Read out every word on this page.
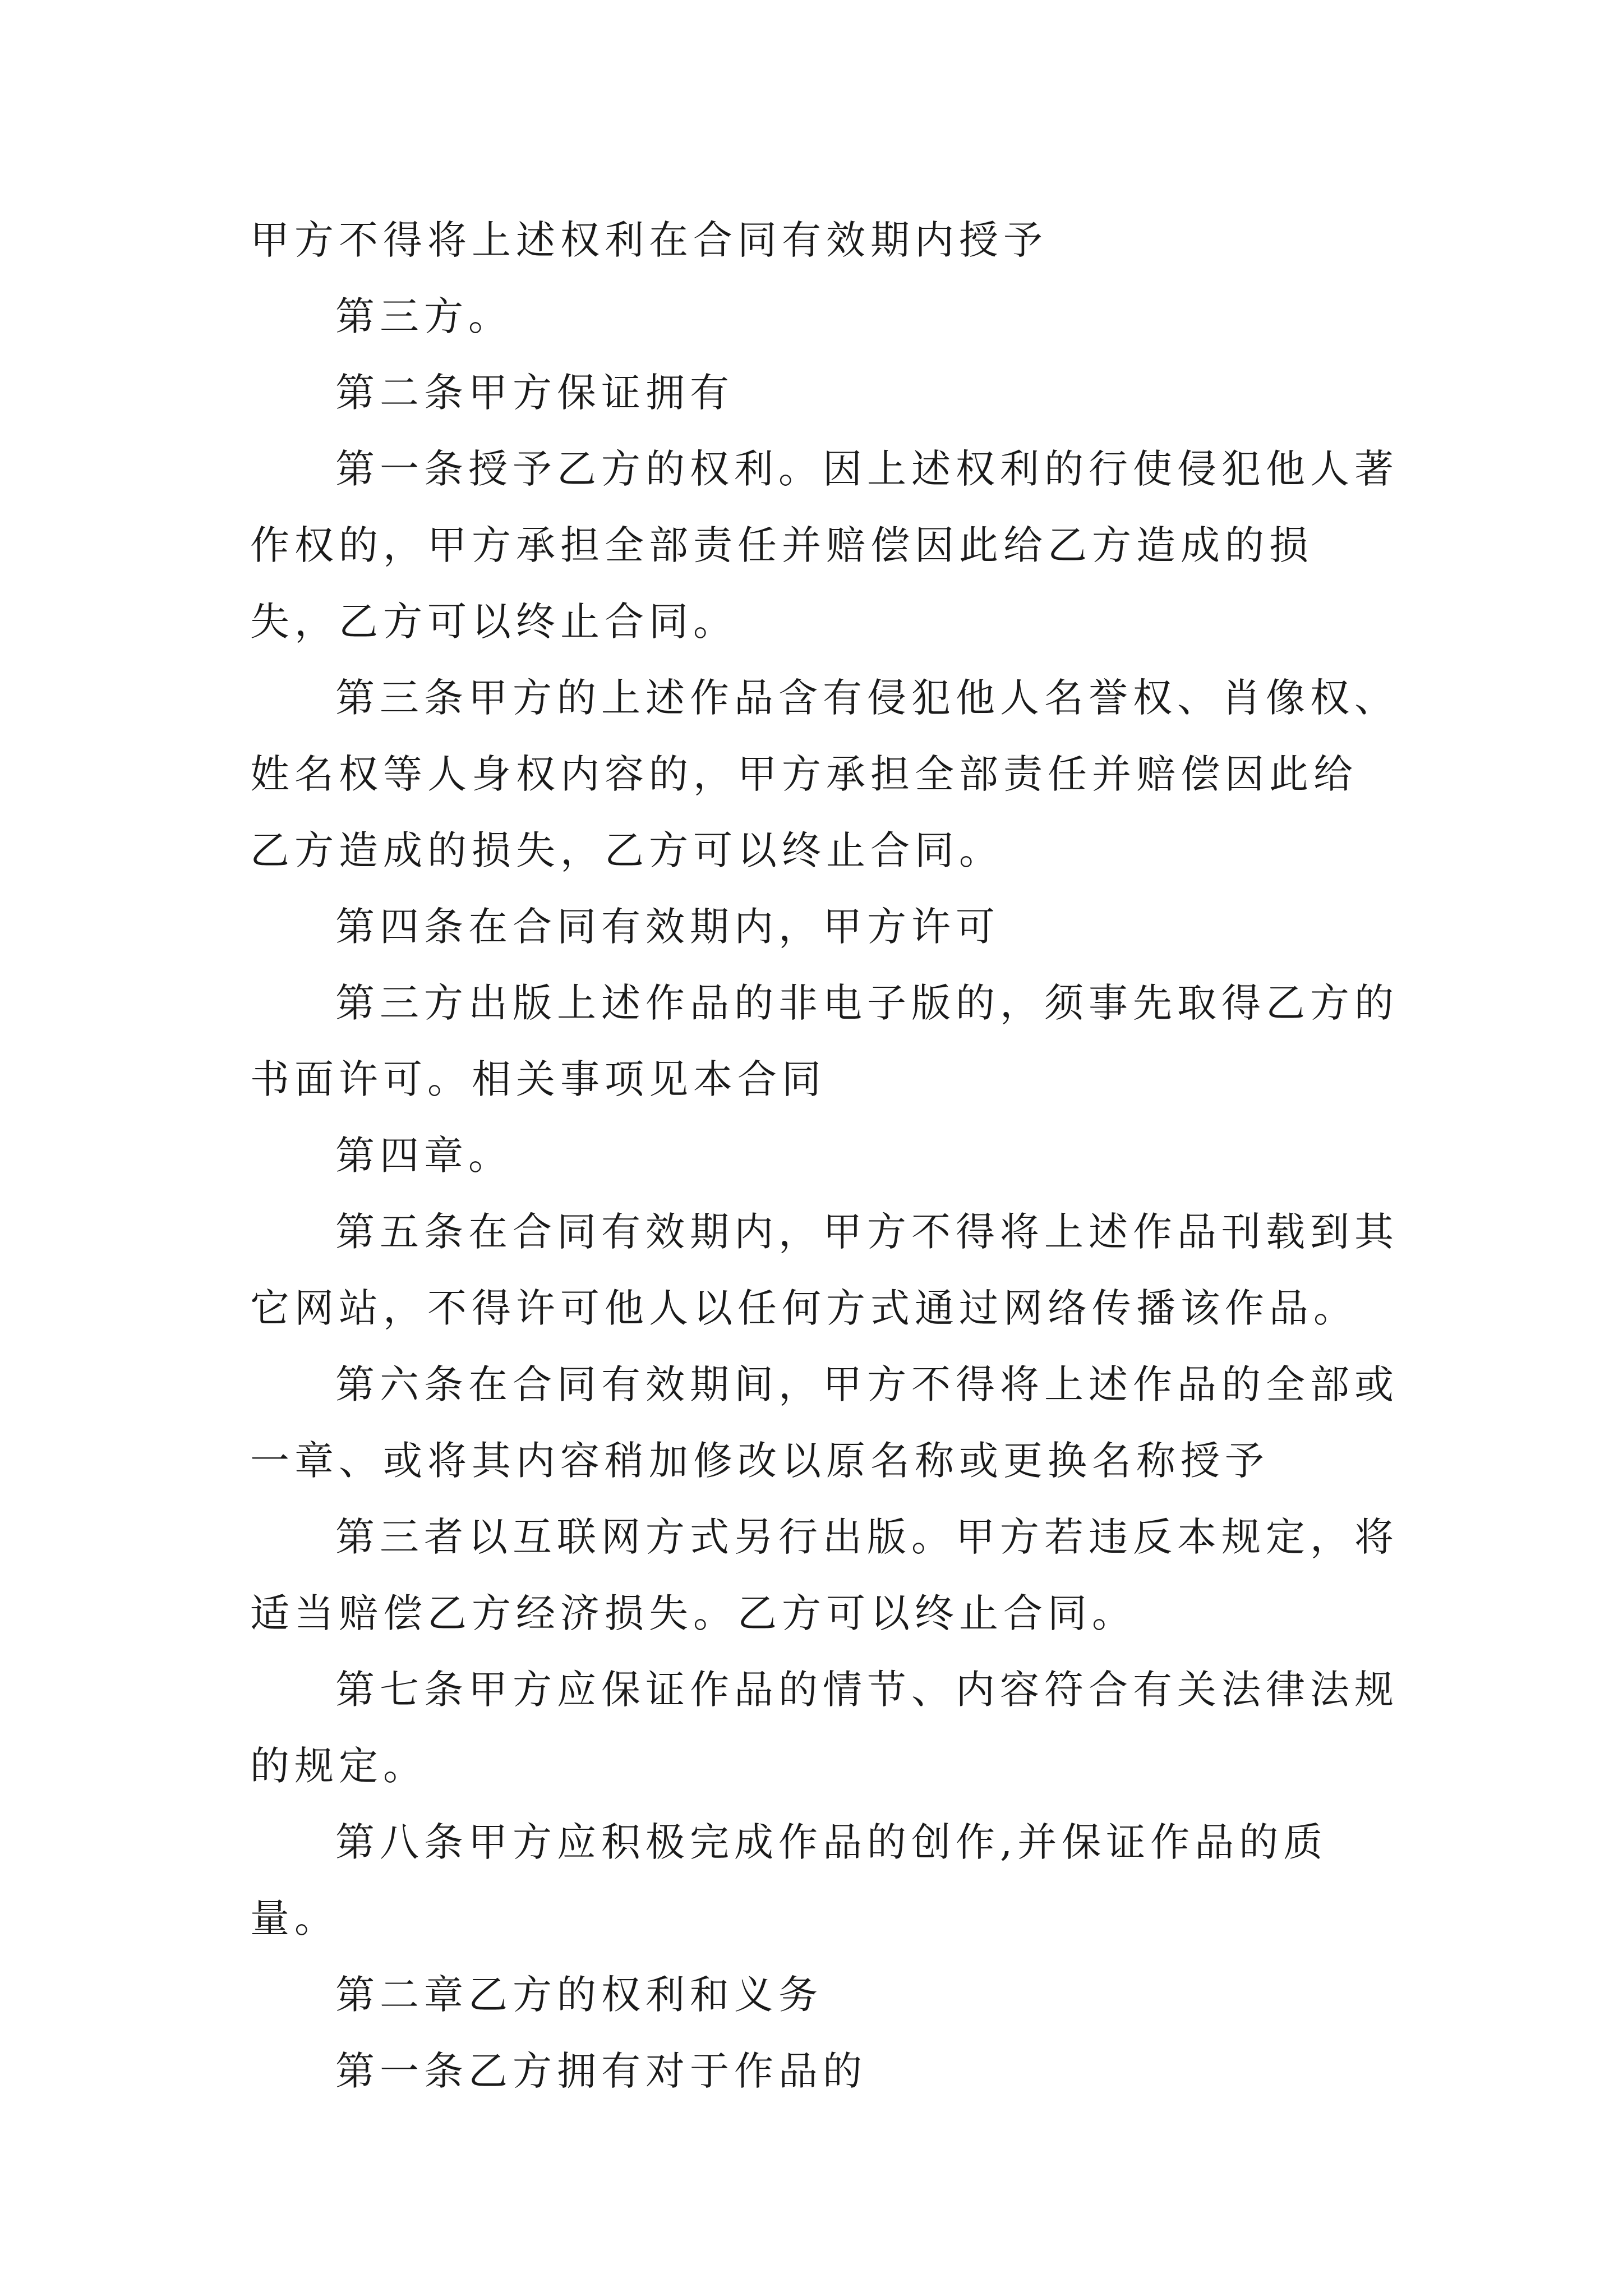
甲方不得将上述权利在合同有效期内授予

第三方。

第二条甲方保证拥有

第一条授予乙方的权利。因上述权利的行使侵犯他人著作权的，甲方承担全部责任并赔偿因此给乙方造成的损失，乙方可以终止合同。

第三条甲方的上述作品含有侵犯他人名誉权、肖像权、姓名权等人身权内容的，甲方承担全部责任并赔偿因此给乙方造成的损失，乙方可以终止合同。

第四条在合同有效期内，甲方许可

第三方出版上述作品的非电子版的，须事先取得乙方的书面许可。相关事项见本合同

第四章。

第五条在合同有效期内，甲方不得将上述作品刊载到其它网站，不得许可他人以任何方式通过网络传播该作品。

第六条在合同有效期间，甲方不得将上述作品的全部或一章、或将其内容稍加修改以原名称或更换名称授予

第三者以互联网方式另行出版。甲方若违反本规定，将适当赔偿乙方经济损失。乙方可以终止合同。

第七条甲方应保证作品的情节、内容符合有关法律法规的规定。

第八条甲方应积极完成作品的创作,并保证作品的质量。

第二章乙方的权利和义务

第一条乙方拥有对于作品的
